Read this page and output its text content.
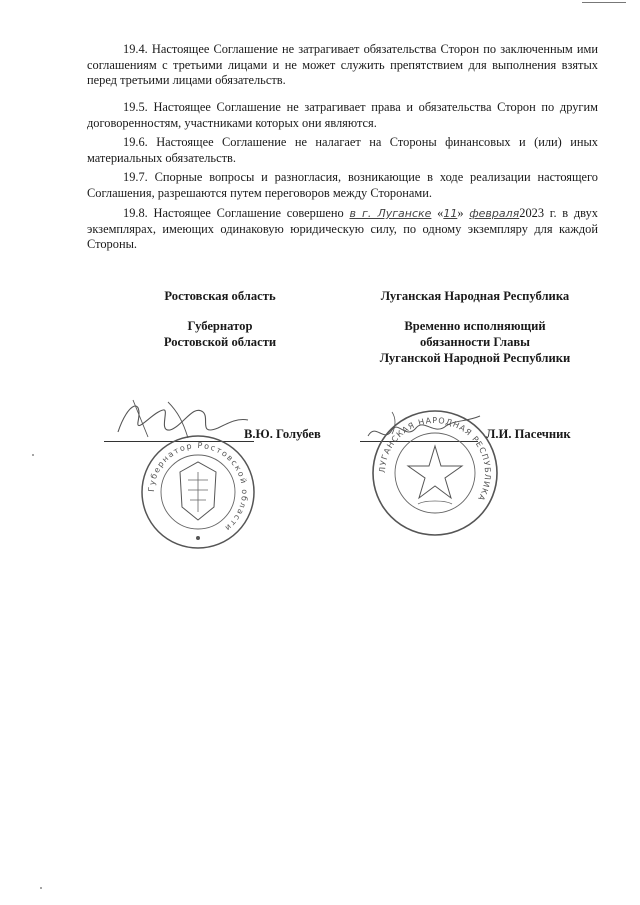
19.4. Настоящее Соглашение не затрагивает обязательства Сторон по заключенным ими соглашениям с третьими лицами и не может служить препятствием для выполнения взятых перед третьими лицами обязательств.

19.5. Настоящее Соглашение не затрагивает права и обязательства Сторон по другим договоренностям, участниками которых они являются.

19.6. Настоящее Соглашение не налагает на Стороны финансовых и (или) иных материальных обязательств.

19.7. Спорные вопросы и разногласия, возникающие в ходе реализации настоящего Соглашения, разрешаются путем переговоров между Сторонами.

19.8. Настоящее Соглашение совершено в г. Луганске «11» февраля2023 г. в двух экземплярах, имеющих одинаковую юридическую силу, по одному экземпляру для каждой Стороны.

Ростовская область	Луганская Народная Республика
Губернатор
Ростовской области
Временно исполняющий
обязанности Главы
Луганской Народной Республики
В.Ю. Голубев
Губернатор Ростовской области
Л.И. Пасечник
ЛУГАНСКАЯ НАРОДНАЯ РЕСПУБЛИКА
